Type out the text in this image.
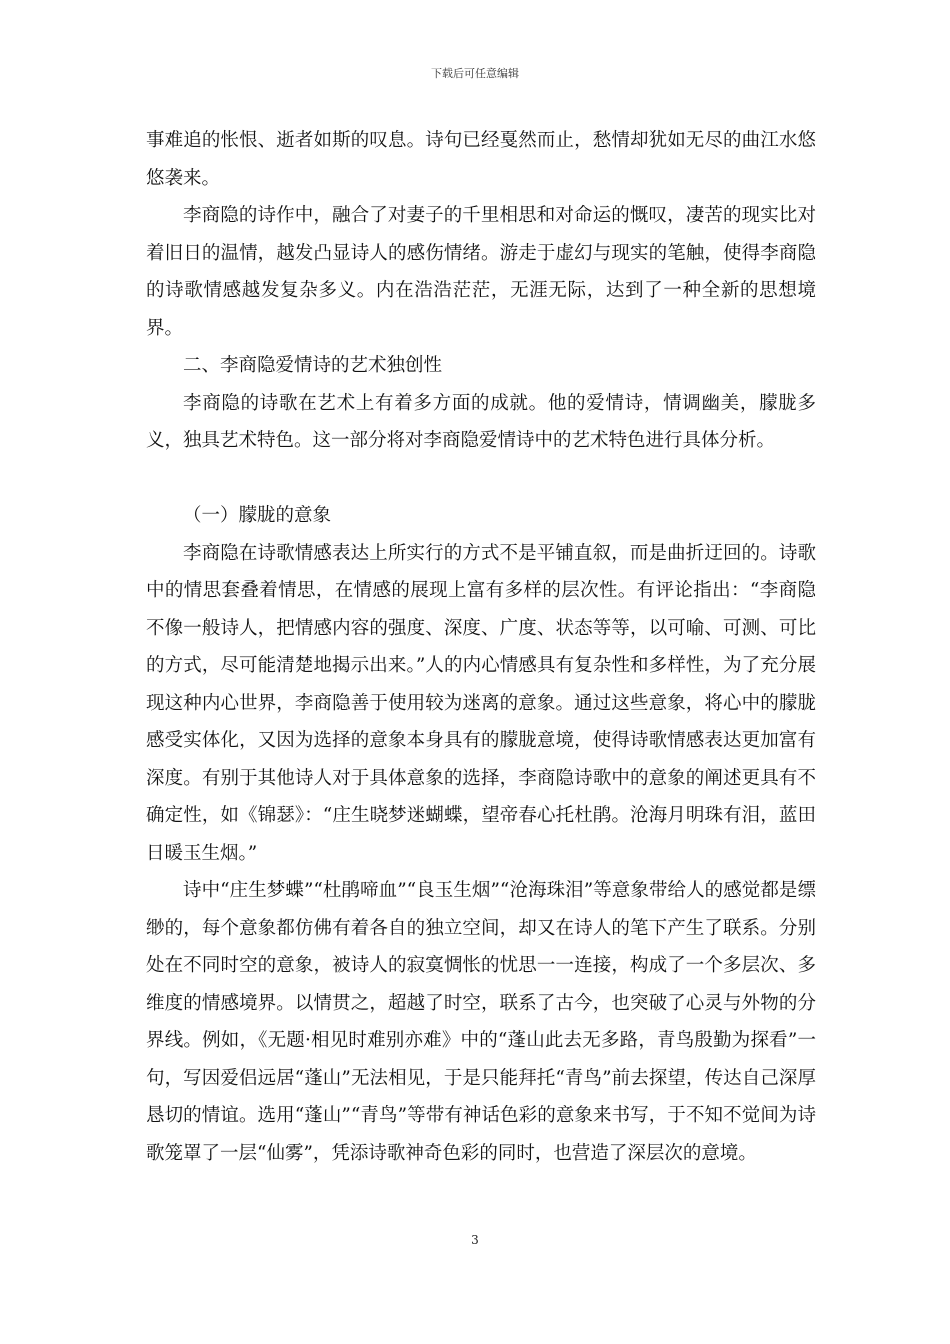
下载后可任意编辑

事难追的怅恨、逝者如斯的叹息。诗句已经戛然而止，愁情却犹如无尽的曲江水悠悠袭来。

李商隐的诗作中，融合了对妻子的千里相思和对命运的慨叹，凄苦的现实比对着旧日的温情，越发凸显诗人的感伤情绪。游走于虚幻与现实的笔触，使得李商隐的诗歌情感越发复杂多义。内在浩浩茫茫，无涯无际，达到了一种全新的思想境界。

二、李商隐爱情诗的艺术独创性

李商隐的诗歌在艺术上有着多方面的成就。他的爱情诗，情调幽美，朦胧多义，独具艺术特色。这一部分将对李商隐爱情诗中的艺术特色进行具体分析。

（一）朦胧的意象

李商隐在诗歌情感表达上所实行的方式不是平铺直叙，而是曲折迂回的。诗歌中的情思套叠着情思，在情感的展现上富有多样的层次性。有评论指出：“李商隐不像一般诗人，把情感内容的强度、深度、广度、状态等等，以可喻、可测、可比的方式，尽可能清楚地揭示出来。”人的内心情感具有复杂性和多样性，为了充分展现这种内心世界，李商隐善于使用较为迷离的意象。通过这些意象，将心中的朦胧感受实体化，又因为选择的意象本身具有的朦胧意境，使得诗歌情感表达更加富有深度。有别于其他诗人对于具体意象的选择，李商隐诗歌中的意象的阐述更具有不确定性，如《锦瑟》：“庄生晓梦迷蝴蝶，望帝春心托杜鹃。沧海月明珠有泪，蓝田日暖玉生烟。”

诗中“庄生梦蝶”“杜鹃啼血”“良玉生烟”“沧海珠泪”等意象带给人的感觉都是缥缈的，每个意象都仿佛有着各自的独立空间，却又在诗人的笔下产生了联系。分别处在不同时空的意象，被诗人的寂寞惆怅的忧思一一连接，构成了一个多层次、多维度的情感境界。以情贯之，超越了时空，联系了古今，也突破了心灵与外物的分界线。例如，《无题·相见时难别亦难》中的“蓬山此去无多路，青鸟殷勤为探看”一句，写因爱侣远居“蓬山”无法相见，于是只能拜托“青鸟”前去探望，传达自己深厚恳切的情谊。选用“蓬山”“青鸟”等带有神话色彩的意象来书写，于不知不觉间为诗歌笼罩了一层“仙雾”，凭添诗歌神奇色彩的同时，也营造了深层次的意境。

3
